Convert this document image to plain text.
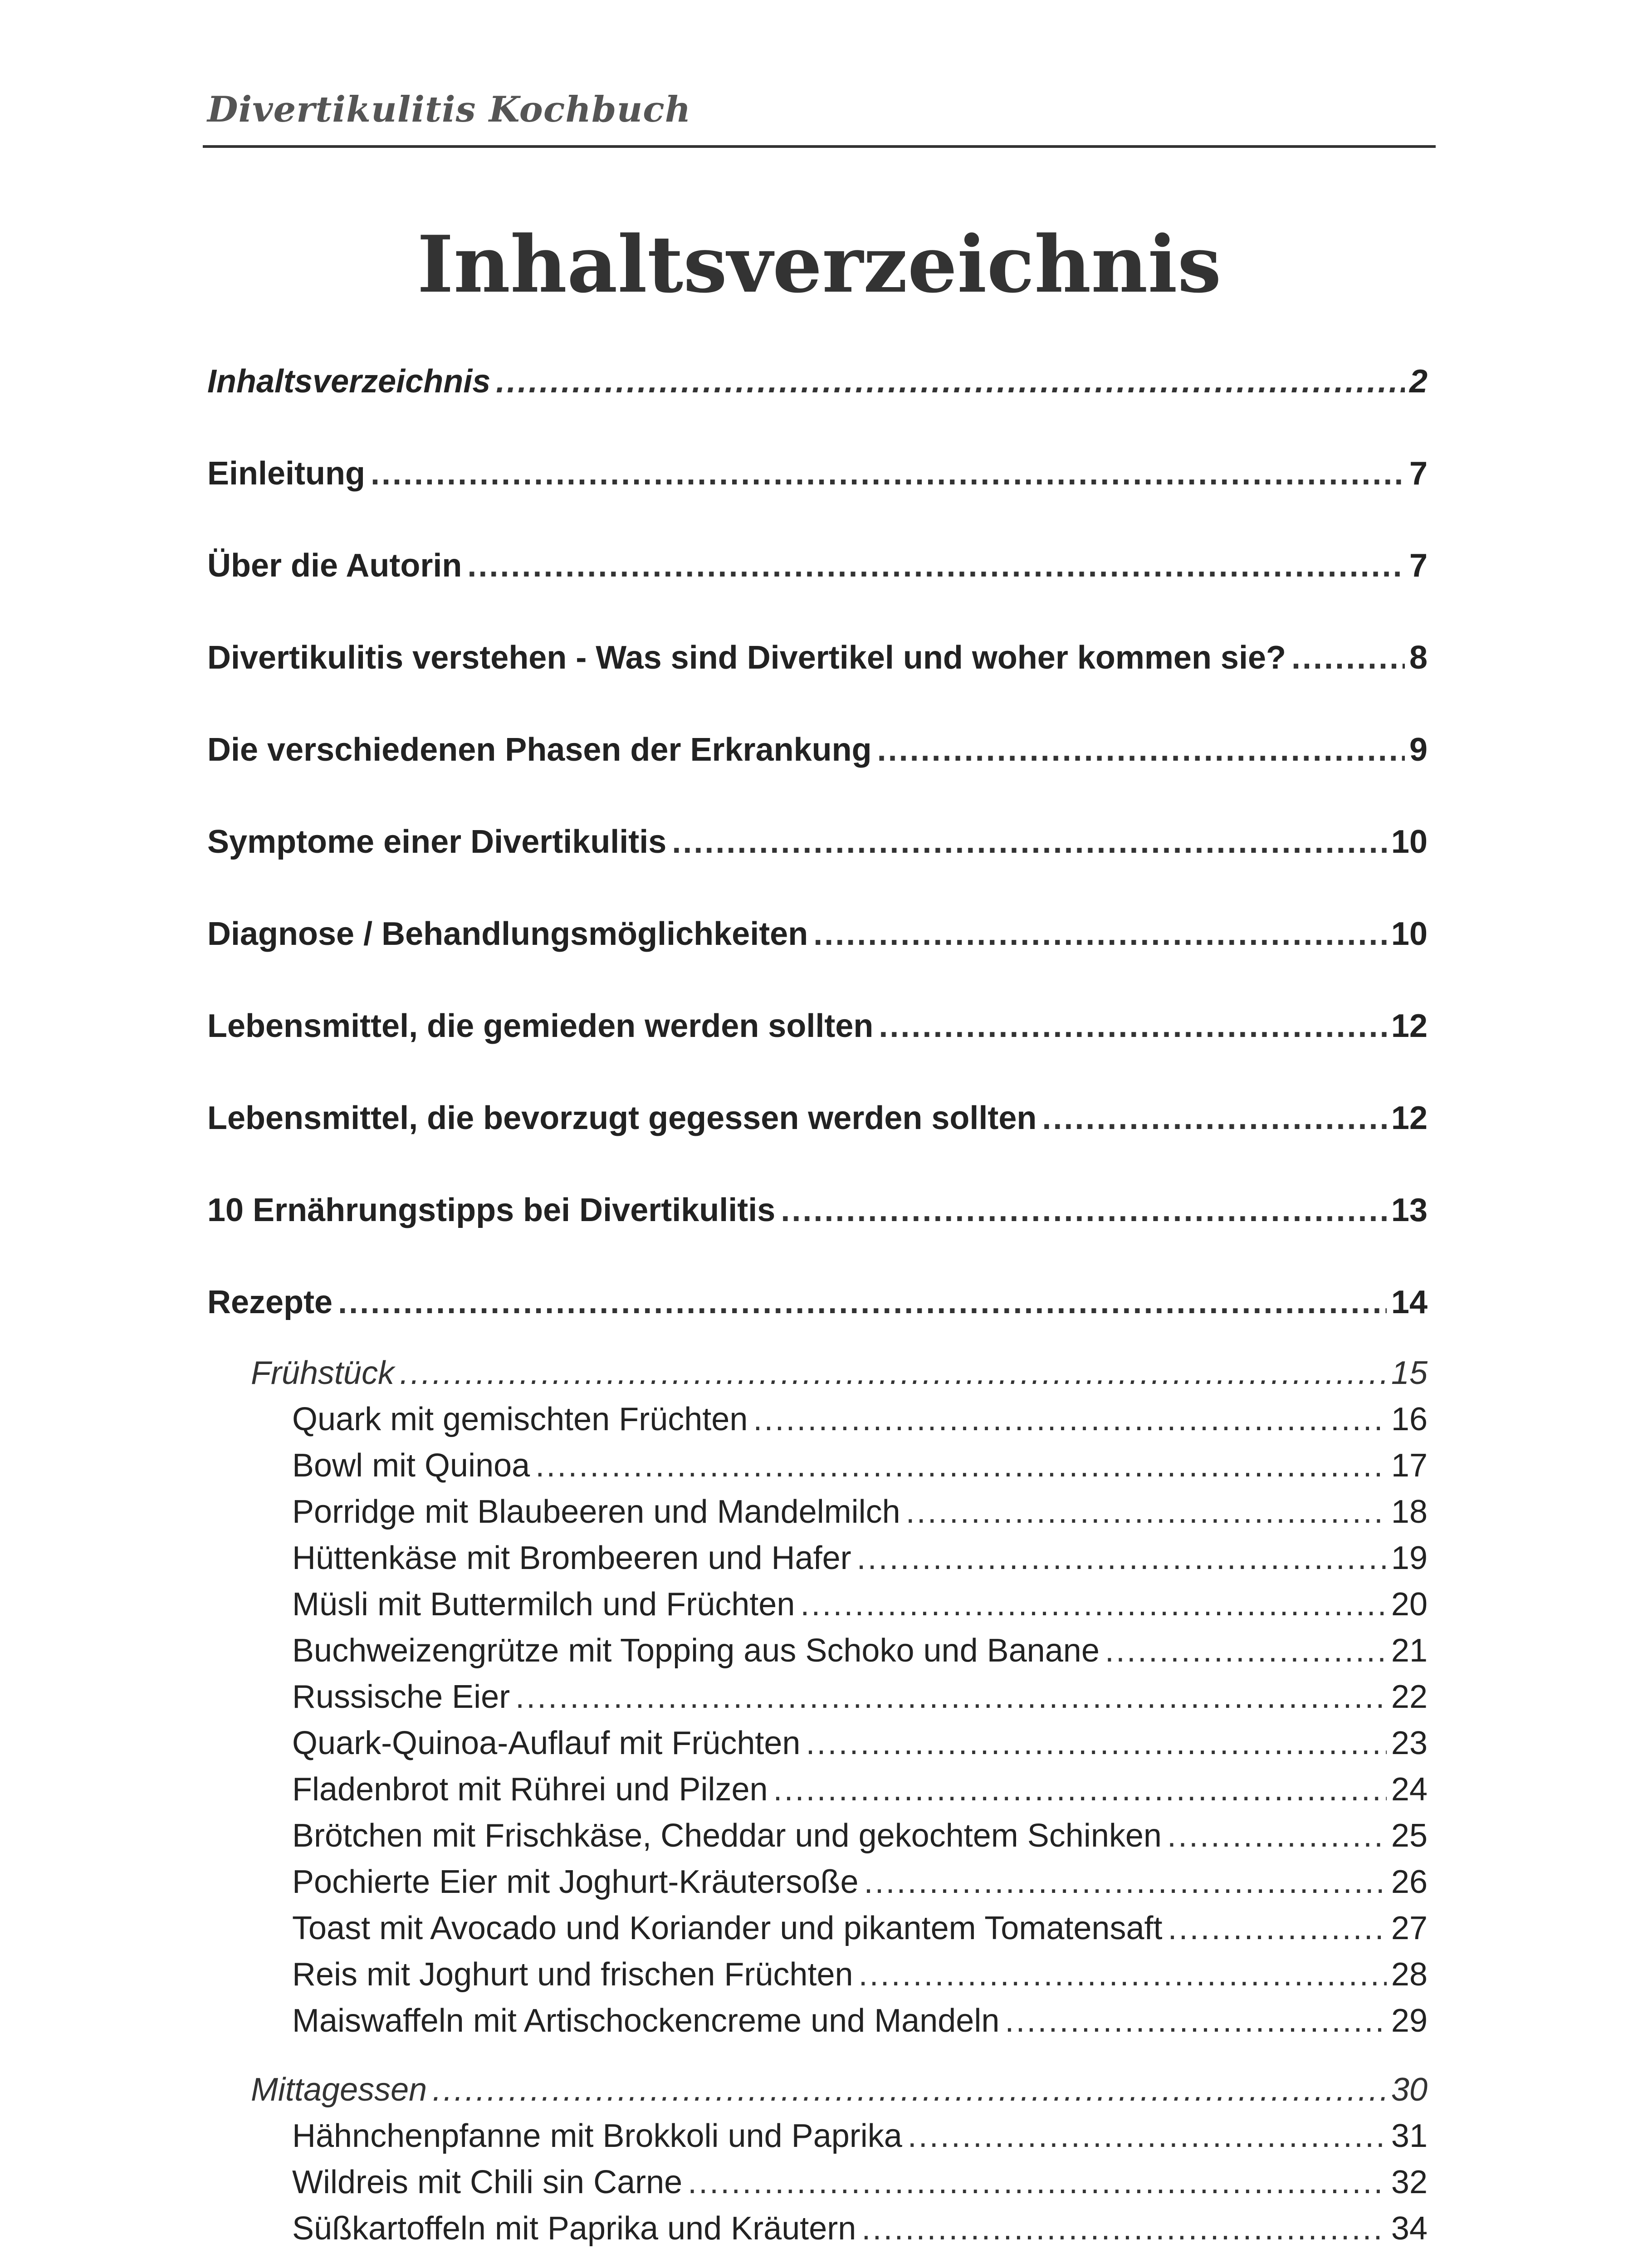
Divertikulitis Kochbuch
Inhaltsverzeichnis
Inhaltsverzeichnis .....	2
Einleitung .....	7
Über die Autorin .....	7
Divertikulitis verstehen - Was sind Divertikel und woher kommen sie? .....	8
Die verschiedenen Phasen der Erkrankung .....	9
Symptome einer Divertikulitis .....	10
Diagnose / Behandlungsmöglichkeiten .....	10
Lebensmittel, die gemieden werden sollten .....	12
Lebensmittel, die bevorzugt gegessen werden sollten .....	12
10 Ernährungstipps bei Divertikulitis .....	13
Rezepte .....	14
Frühstück .....	15
Quark mit gemischten Früchten .....	16
Bowl mit Quinoa .....	17
Porridge mit Blaubeeren und Mandelmilch .....	18
Hüttenkäse mit Brombeeren und Hafer .....	19
Müsli mit Buttermilch und Früchten .....	20
Buchweizengrütze mit Topping aus Schoko und Banane .....	21
Russische Eier .....	22
Quark-Quinoa-Auflauf mit Früchten .....	23
Fladenbrot mit Rührei und Pilzen .....	24
Brötchen mit Frischkäse, Cheddar und gekochtem Schinken .....	25
Pochierte Eier mit Joghurt-Kräutersoße .....	26
Toast mit Avocado und Koriander und pikantem Tomatensaft .....	27
Reis mit Joghurt und frischen Früchten .....	28
Maiswaffeln mit Artischockencreme und Mandeln .....	29
Mittagessen .....	30
Hähnchenpfanne mit Brokkoli und Paprika .....	31
Wildreis mit Chili sin Carne .....	32
Süßkartoffeln mit Paprika und Kräutern .....	34
